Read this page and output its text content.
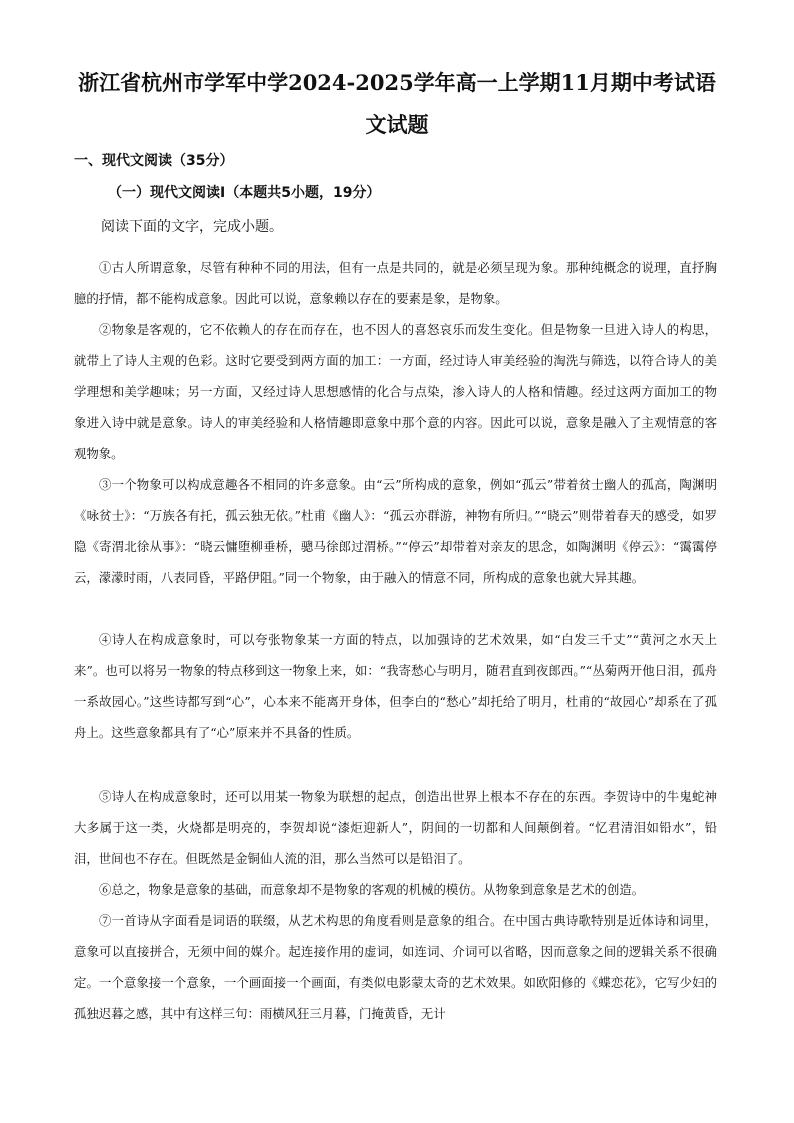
浙江省杭州市学军中学2024-2025学年高一上学期11月期中考试语
文试题
一、现代文阅读（35分）
（一）现代文阅读Ⅰ（本题共5小题，19分）
阅读下面的文字，完成小题。

①古人所谓意象，尽管有种种不同的用法，但有一点是共同的，就是必须呈现为象。那种纯概念的说理，直抒胸臆的抒情，都不能构成意象。因此可以说，意象赖以存在的要素是象，是物象。

②物象是客观的，它不依赖人的存在而存在，也不因人的喜怒哀乐而发生变化。但是物象一旦进入诗人的构思，就带上了诗人主观的色彩。这时它要受到两方面的加工：一方面，经过诗人审美经验的淘洗与筛选，以符合诗人的美学理想和美学趣味；另一方面，又经过诗人思想感情的化合与点染，渗入诗人的人格和情趣。经过这两方面加工的物象进入诗中就是意象。诗人的审美经验和人格情趣即意象中那个意的内容。因此可以说，意象是融入了主观情意的客观物象。

③一个物象可以构成意趣各不相同的许多意象。由“云”所构成的意象，例如“孤云”带着贫士幽人的孤高，陶渊明《咏贫士》：“万族各有托，孤云独无依。”杜甫《幽人》：“孤云亦群游，神物有所归。”“晓云”则带着春天的感受，如罗隐《寄渭北徐从事》：“晓云慵堕柳垂桥，骢马徐郎过渭桥。”“停云”却带着对亲友的思念，如陶渊明《停云》：“霭霭停云，濛濛时雨，八表同昏，平路伊阻。”同一个物象，由于融入的情意不同，所构成的意象也就大异其趣。

④诗人在构成意象时，可以夸张物象某一方面的特点，以加强诗的艺术效果，如“白发三千丈”“黄河之水天上来”。也可以将另一物象的特点移到这一物象上来，如：“我寄愁心与明月，随君直到夜郎西。”“丛菊两开他日泪，孤舟一系故园心。”这些诗都写到“心”，心本来不能离开身体，但李白的“愁心”却托给了明月，杜甫的“故园心”却系在了孤舟上。这些意象都具有了“心”原来并不具备的性质。

⑤诗人在构成意象时，还可以用某一物象为联想的起点，创造出世界上根本不存在的东西。李贺诗中的牛鬼蛇神大多属于这一类，火烧都是明亮的，李贺却说“漆炬迎新人”，阴间的一切都和人间颠倒着。“忆君清泪如铅水”，铅泪，世间也不存在。但既然是金铜仙人流的泪，那么当然可以是铅泪了。

⑥总之，物象是意象的基础，而意象却不是物象的客观的机械的模仿。从物象到意象是艺术的创造。

⑦一首诗从字面看是词语的联缀，从艺术构思的角度看则是意象的组合。在中国古典诗歌特别是近体诗和词里，意象可以直接拼合，无须中间的媒介。起连接作用的虚词，如连词、介词可以省略，因而意象之间的逻辑关系不很确定。一个意象接一个意象，一个画面接一个画面，有类似电影蒙太奇的艺术效果。如欧阳修的《蝶恋花》，它写少妇的孤独迟暮之感，其中有这样三句：雨横风狂三月暮，门掩黄昏，无计
